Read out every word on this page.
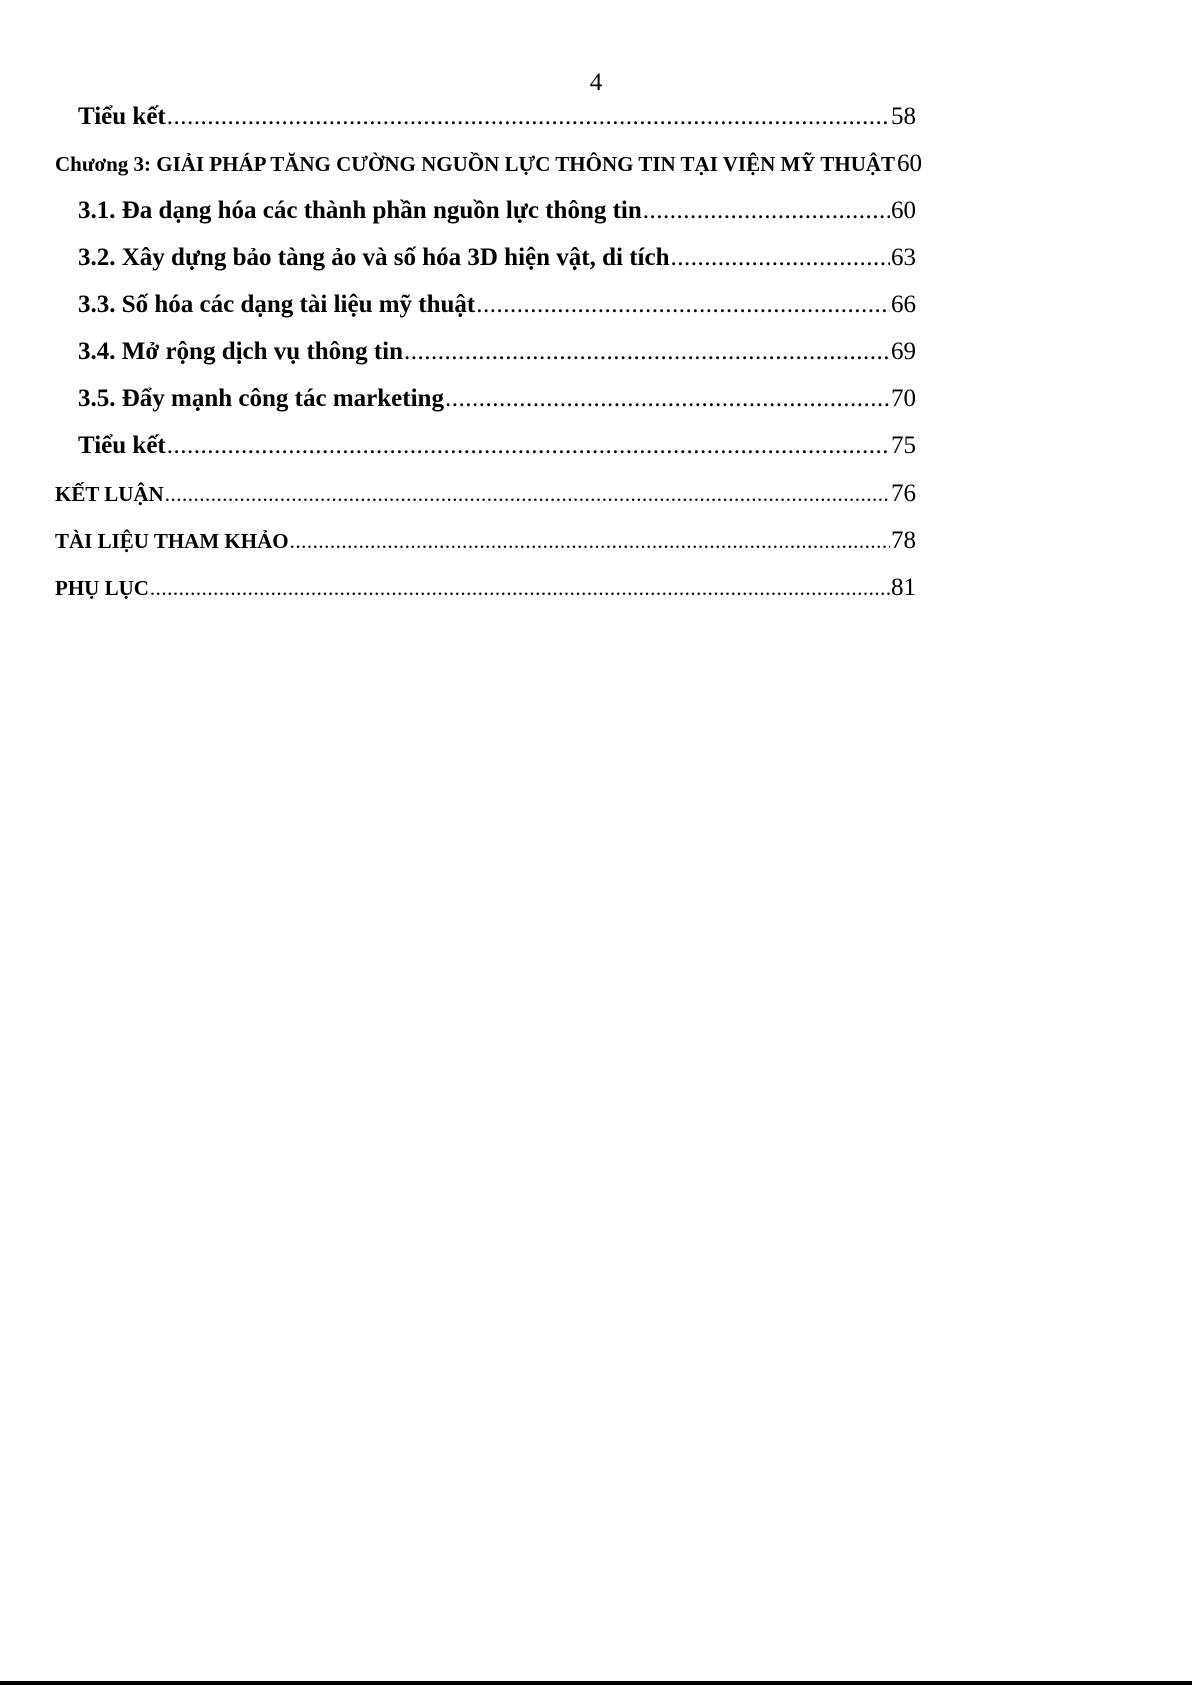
4
Tiểu kết .....	58
Chương 3: GIẢI PHÁP TĂNG CƯỜNG NGUỒN LỰC THÔNG TIN TẠI VIỆN MỸ THUẬT 60
3.1. Đa dạng hóa các thành phần nguồn lực thông tin .....	60
3.2. Xây dựng bảo tàng ảo và số hóa 3D hiện vật, di tích .....	63
3.3. Số hóa các dạng tài liệu mỹ thuật .....	66
3.4. Mở rộng dịch vụ thông tin .....	69
3.5. Đẩy mạnh công tác marketing .....	70
Tiểu kết .....	75
KẾT LUẬN .....	76
TÀI LIỆU THAM KHẢO .....	78
PHỤ LỤC .....	81
